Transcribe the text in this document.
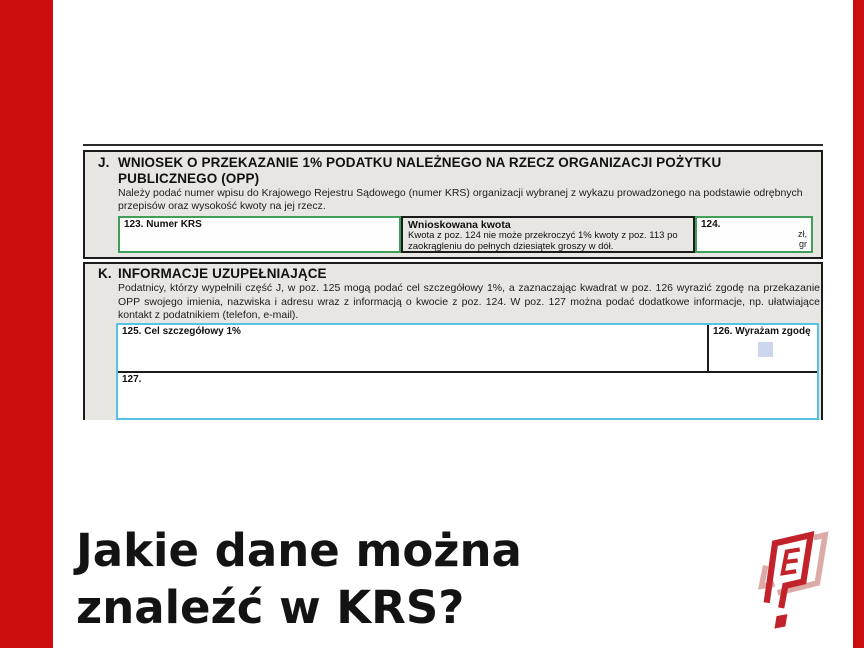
J. WNIOSEK O PRZEKAZANIE 1% PODATKU NALEŻNEGO NA RZECZ ORGANIZACJI POŻYTKU PUBLICZNEGO (OPP)
Należy podać numer wpisu do Krajowego Rejestru Sądowego (numer KRS) organizacji wybranej z wykazu prowadzonego na podstawie odrębnych przepisów oraz wysokość kwoty na jej rzecz.
123. Numer KRS	Wnioskowana kwota
Kwota z poz. 124 nie może przekroczyć 1% kwoty z poz. 113 po zaokrągleniu do pełnych dziesiątek groszy w dół.
124.
zł,
gr
K. INFORMACJE UZUPEŁNIAJĄCE
Podatnicy, którzy wypełnili część J, w poz. 125 mogą podać cel szczegółowy 1%, a zaznaczając kwadrat w poz. 126 wyrazić zgodę na przekazanie OPP swojego imienia, nazwiska i adresu wraz z informacją o kwocie z poz. 124. W poz. 127 można podać dodatkowe informacje, np. ułatwiające kontakt z podatnikiem (telefon, e-mail).
125. Cel szczegółowy 1%	126. Wyrażam zgodę
127.
Jakie dane można
znaleźć w KRS?
